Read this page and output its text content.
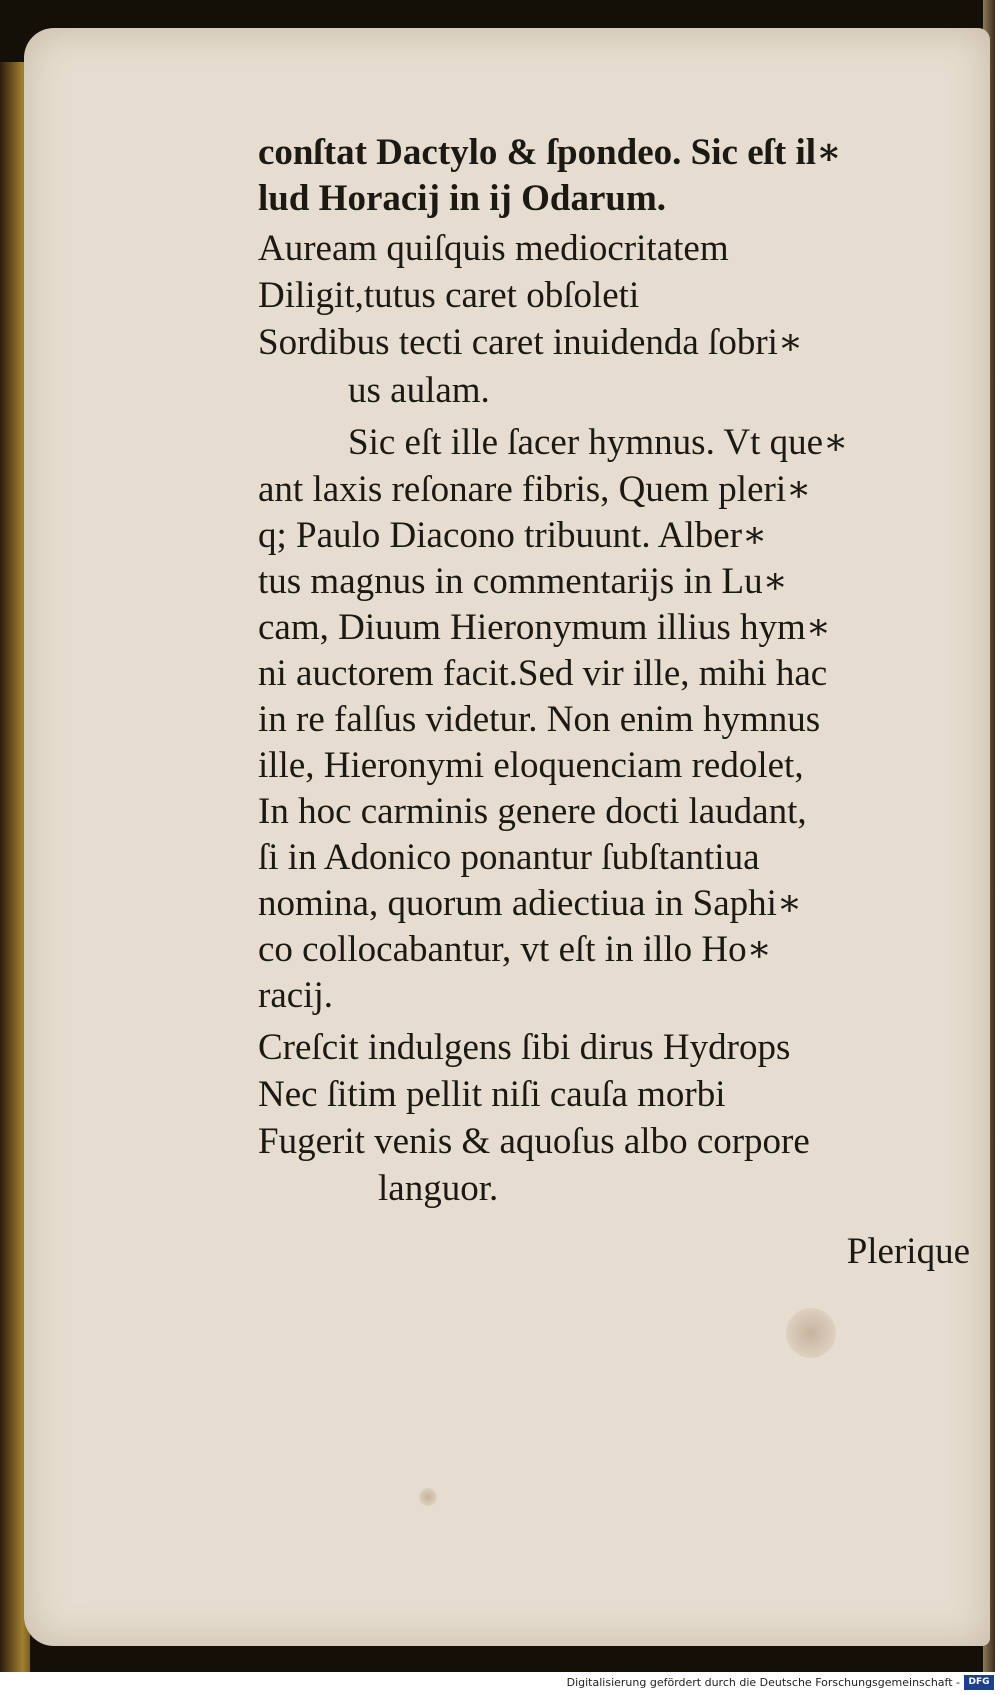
conſtat Dactylo & ſpondeo. Sic eſt il∗
lud Horacij in ij Odarum.
Auream quiſquis mediocritatem
Diligit,tutus caret obſoleti
Sordibus tecti caret inuidenda ſobri∗
us aulam.
Sic eſt ille ſacer hymnus. Vt que∗
ant laxis reſonare fibris, Quem pleri∗
q; Paulo Diacono tribuunt. Alber∗
tus magnus in commentarijs in Lu∗
cam, Diuum Hieronymum illius hym∗
ni auctorem facit.Sed vir ille, mihi hac
in re falſus videtur. Non enim hymnus
ille, Hieronymi eloquenciam redolet,
In hoc carminis genere docti laudant,
ſi in Adonico ponantur ſubſtantiua
nomina, quorum adiectiua in Saphi∗
co collocabantur, vt eſt in illo Ho∗
racij.
Creſcit indulgens ſibi dirus Hydrops
Nec ſitim pellit niſi cauſa morbi
Fugerit venis & aquoſus albo corpore
languor.
Plerique
Digitalisierung gefördert durch die Deutsche Forschungsgemeinschaft - DFG
